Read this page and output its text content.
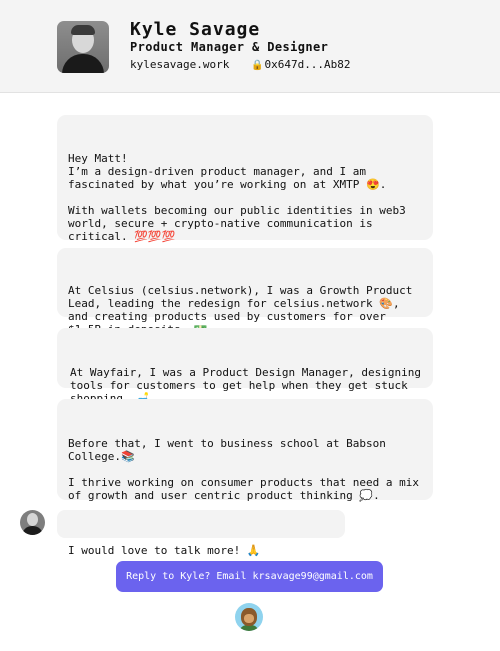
Kyle Savage
Product Manager & Designer
kylesavage.work 🔒0x647d...Ab82

Hey Matt!
I’m a design-driven product manager, and I am fascinated by what you’re working on at XMTP 😍.

With wallets becoming our public identities in web3 world, secure + crypto-native communication is critical. 💯💯💯

At Celsius (celsius.network), I was a Growth Product Lead, leading the redesign for celsius.network 🎨, and creating products used by customers for over

At Wayfair, I was a Product Design Manager, designing tools for customers to get help when they get stuck

Before that, I went to business school at Babson College.📚

I thrive working on consumer products that need a mix of growth and user centric product thinking 💭.

I would love to talk more! 🙏

Reply to Kyle? Email krsavage99@gmail.com
